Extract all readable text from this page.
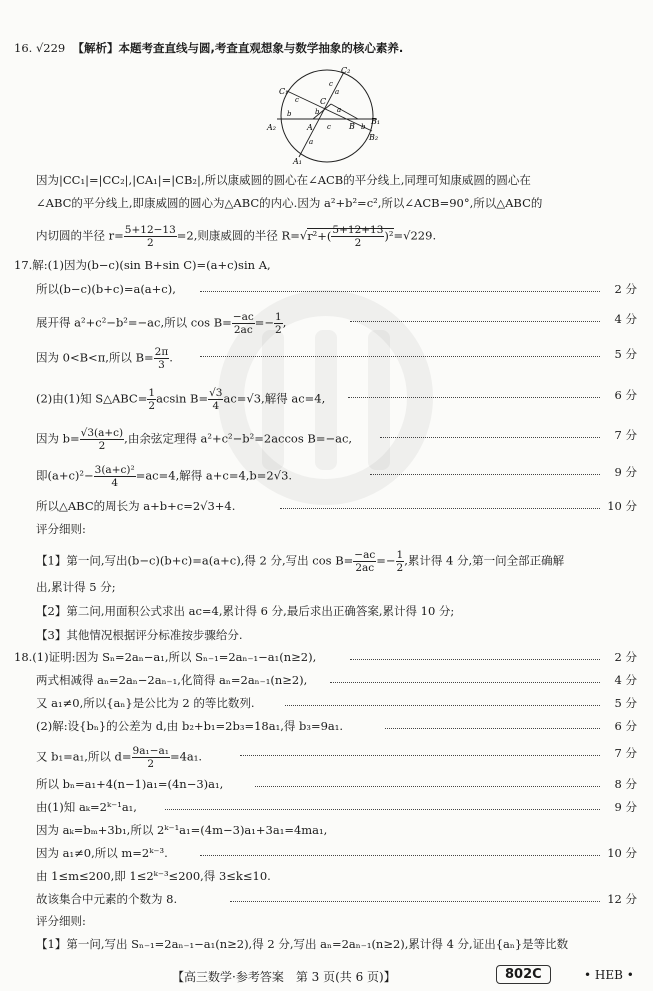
16. √229 【解析】本题考查直线与圆,考查直观想象与数学抽象的核心素养.
C₂
C₁
C
a
b
A₂	A c B b
B₁
B₂
A₁
a
c
b
a
c
因为|CC₁|=|CC₂|,|CA₁|=|CB₂|,所以康威圆的圆心在∠ACB的平分线上,同理可知康威圆的圆心在
∠ABC的平分线上,即康威圆的圆心为△ABC的内心.因为 a²+b²=c²,所以∠ACB=90°,所以△ABC的
内切圆的半径 $r= \frac{5+12-13}{2} =2$,则康威圆的半径 $R=√r^2+( \frac{5+12+13}{2} )^2=√229$.
17.解:(1)因为(b−c)(sin B+sin C)=(a+c)sin A,
所以(b−c)(b+c)=a(a+c),	2 分
展开得 a²+c²−b²=−ac,所以 $\cos B= \frac{-ac}{2ac} =- \frac{1}{2}$ ,	4 分
因为 0<B<π,所以 $B= \frac{2\pi}{3}$ .	5 分
(2)由(1)知 S△ABC= $\frac{1}{2}$ acsin $B= \frac{√3}{4} ac=√3$,解得 ac=4,	6 分
因为 $b= \frac{√3(a+c)}{2}$ ,由余弦定理得 a²+c²−b²=2accos B=−ac,	7 分
即$(a+c)^2- \frac{\text{3(a+c)²}}{4} =ac=4$,解得 a+c=4,b=2√3.	9 分
所以△ABC的周长为 a+b+c=2√3+4.	10 分
评分细则:
【1】第一问,写出(b−c)(b+c)=a(a+c),得 2 分,写出 $\cos B= \frac{-ac}{2ac} =- \frac{1}{2}$ ,累计得 4 分,第一问全部正确解
出,累计得 5 分;
【2】第二问,用面积公式求出 ac=4,累计得 6 分,最后求出正确答案,累计得 10 分;
【3】其他情况根据评分标准按步骤给分.
18.(1)证明:因为 Sₙ=2aₙ−a₁,所以 Sₙ₋₁=2aₙ₋₁−a₁(n≥2),	2 分
两式相减得 aₙ=2aₙ−2aₙ₋₁,化简得 aₙ=2aₙ₋₁(n≥2),	4 分
又 a₁≠0,所以{aₙ}是公比为 2 的等比数列.	5 分
(2)解:设{bₙ}的公差为 d,由 b₂+b₁=2b₃=18a₁,得 b₃=9a₁.	6 分
又 b₁=a₁,所以 $d= \frac{\text{9a₁−a₁}}{2} =4a_1$.	7 分
所以 bₙ=a₁+4(n−1)a₁=(4n−3)a₁,	8 分
由(1)知 aₖ=2ᵏ⁻¹a₁,	9 分
因为 aₖ=bₘ+3b₁,所以 2ᵏ⁻¹a₁=(4m−3)a₁+3a₁=4ma₁,
因为 a₁≠0,所以 m=2ᵏ⁻³.	10 分
由 1≤m≤200,即 1≤2ᵏ⁻³≤200,得 3≤k≤10.
故该集合中元素的个数为 8.	12 分
评分细则:
【1】第一问,写出 Sₙ₋₁=2aₙ₋₁−a₁(n≥2),得 2 分,写出 aₙ=2aₙ₋₁(n≥2),累计得 4 分,证出{aₙ}是等比数
【高三数学·参考答案　第 3 页(共 6 页)】	802C	• HEB •
